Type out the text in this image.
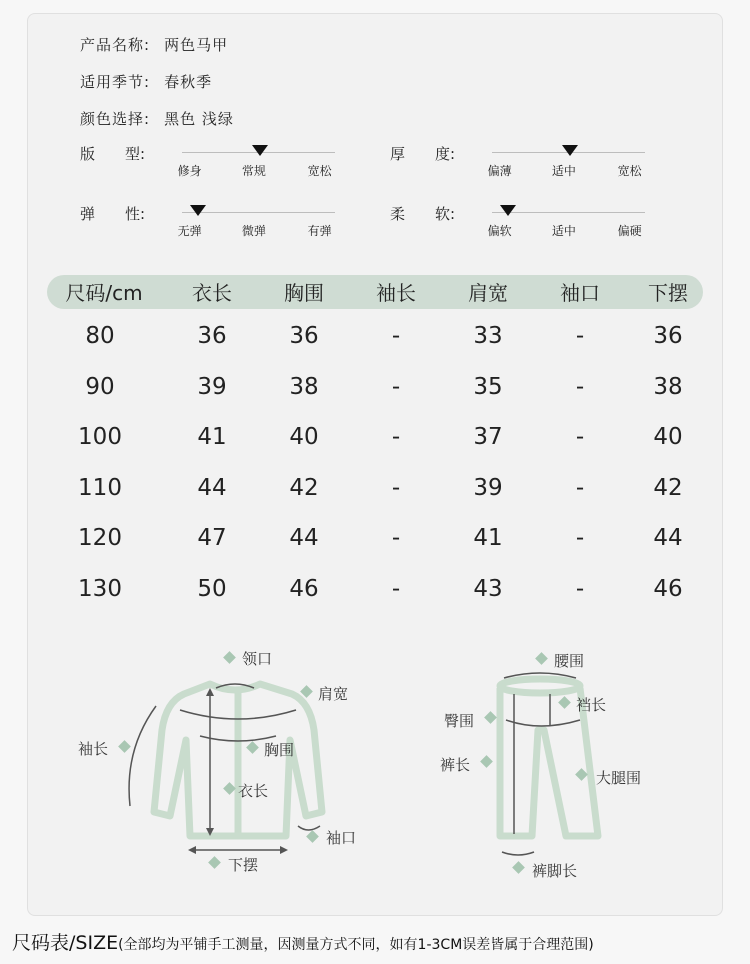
产品名称: 两色马甲
适用季节: 春秋季
颜色选择: 黑色 浅绿
版　　型:
修身	常规	宽松
厚　　度:
偏薄	适中	宽松
弹　　性:
无弹	微弹	有弹
柔　　软:
偏软	适中	偏硬
尺码/cm 衣长	胸围	袖长	肩宽	袖口 下摆
80	36	36	-	33	-	36
90	39	38	-	35	-	38
100	41	40	-	37	-	40
110	44	42	-	39	-	42
120	47	44	-	41	-	44
130	50	46	-	43	-	46
领口
肩宽
袖长	胸围
衣长
袖口
下摆
腰围
裆长
臀围
裤长
大腿围
裤脚长
尺码表/SIZE(全部均为平铺手工测量，因测量方式不同，如有1-3CM误差皆属于合理范围)
